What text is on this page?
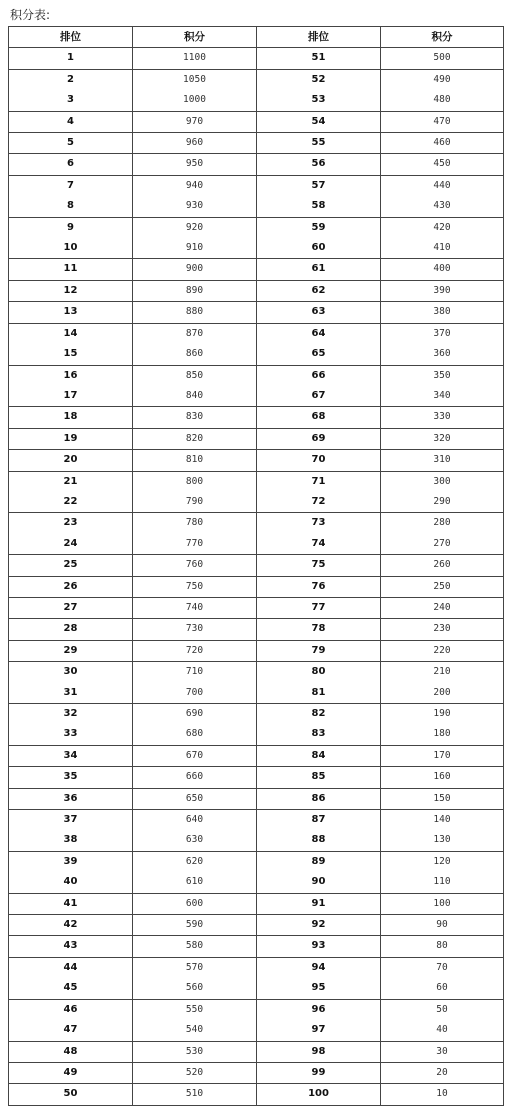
积分表:
排位	积分	排位	积分
1	1100	51	500
2	1050	52	490
3	1000	53	480
4	970	54	470
5	960	55	460
6	950	56	450
7	940	57	440
8	930	58	430
9	920	59	420
10	910	60	410
11	900	61	400
12	890	62	390
13	880	63	380
14	870	64	370
15	860	65	360
16	850	66	350
17	840	67	340
18	830	68	330
19	820	69	320
20	810	70	310
21	800	71	300
22	790	72	290
23	780	73	280
24	770	74	270
25	760	75	260
26	750	76	250
27	740	77	240
28	730	78	230
29	720	79	220
30	710	80	210
31	700	81	200
32	690	82	190
33	680	83	180
34	670	84	170
35	660	85	160
36	650	86	150
37	640	87	140
38	630	88	130
39	620	89	120
40	610	90	110
41	600	91	100
42	590	92	90
43	580	93	80
44	570	94	70
45	560	95	60
46	550	96	50
47	540	97	40
48	530	98	30
49	520	99	20
50	510	100	10
